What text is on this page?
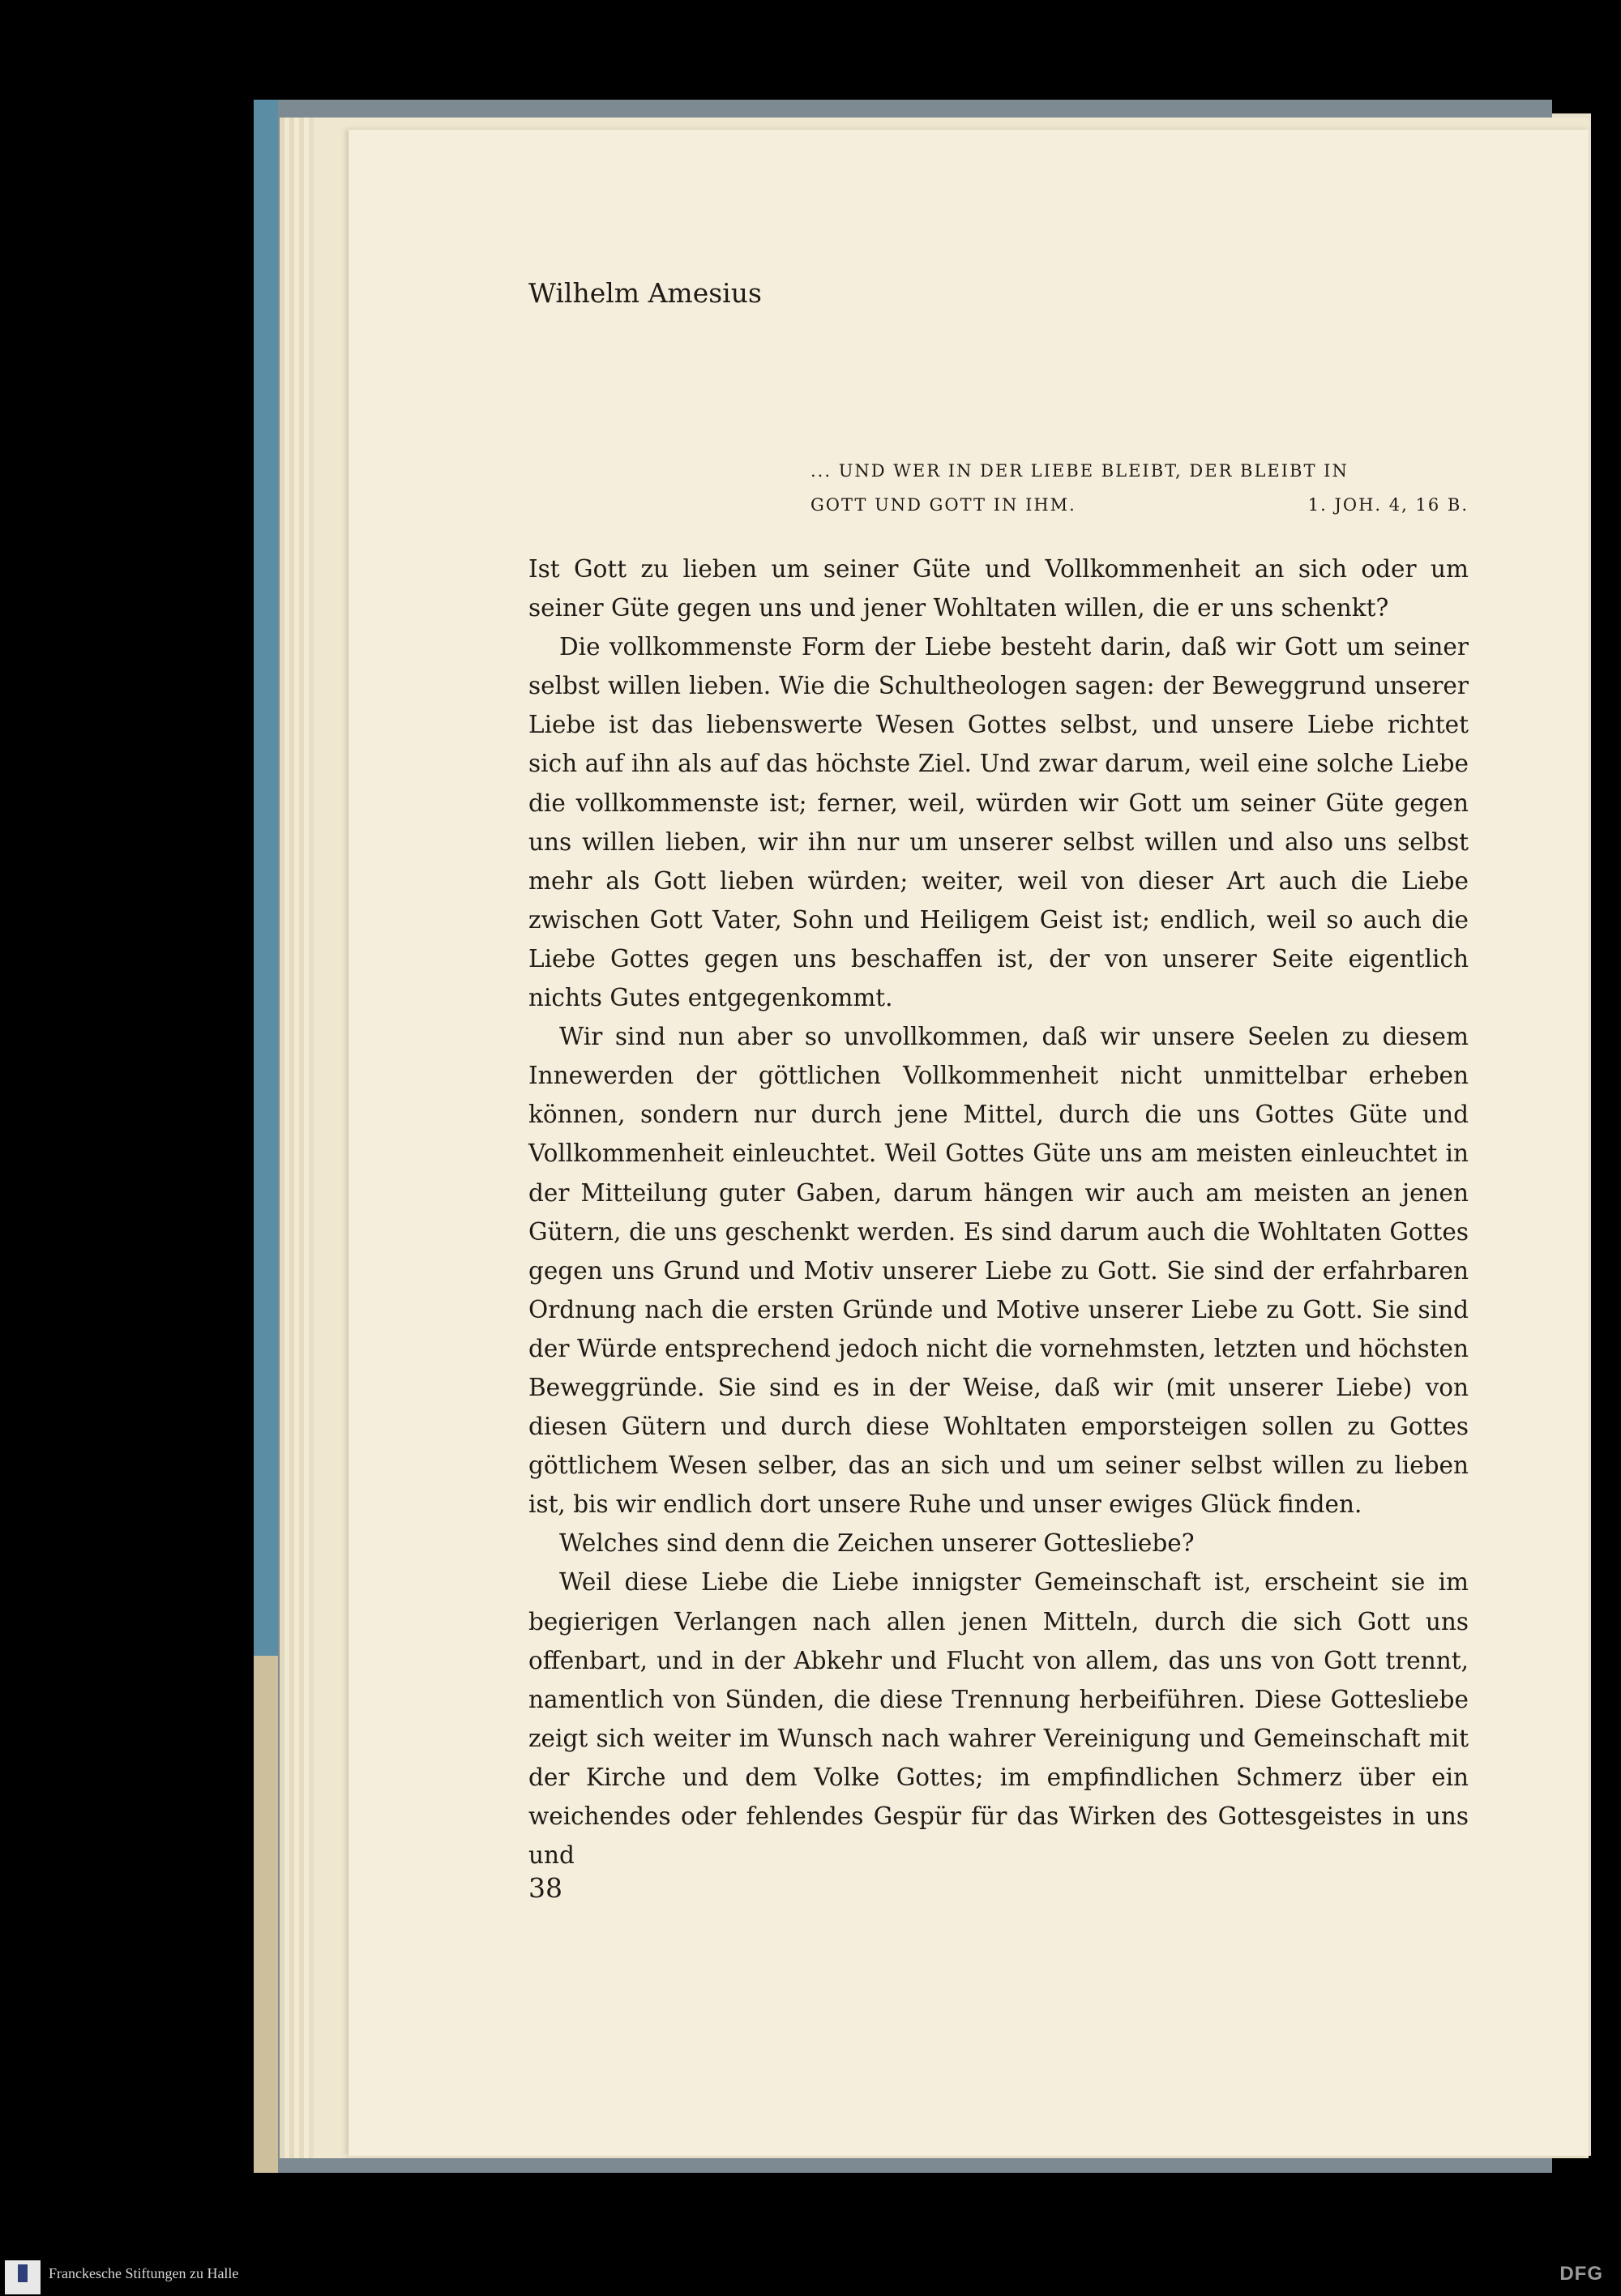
Wilhelm Amesius
... UND WER IN DER LIEBE BLEIBT, DER BLEIBT IN
GOTT UND GOTT IN IHM.	1. JOH. 4, 16 B.

Ist Gott zu lieben um seiner Güte und Vollkommenheit an sich oder um seiner Güte gegen uns und jener Wohltaten willen, die er uns schenkt?

Die vollkommenste Form der Liebe besteht darin, daß wir Gott um seiner selbst willen lieben. Wie die Schultheologen sagen: der Beweggrund unserer Liebe ist das liebenswerte Wesen Gottes selbst, und unsere Liebe richtet sich auf ihn als auf das höchste Ziel. Und zwar darum, weil eine solche Liebe die vollkommenste ist; ferner, weil, würden wir Gott um seiner Güte gegen uns willen lieben, wir ihn nur um unserer selbst willen und also uns selbst mehr als Gott lieben würden; weiter, weil von dieser Art auch die Liebe zwischen Gott Vater, Sohn und Heiligem Geist ist; endlich, weil so auch die Liebe Gottes gegen uns beschaffen ist, der von unserer Seite eigentlich nichts Gutes entgegenkommt.

Wir sind nun aber so unvollkommen, daß wir unsere Seelen zu diesem Innewerden der göttlichen Vollkommenheit nicht unmittelbar erheben können, sondern nur durch jene Mittel, durch die uns Gottes Güte und Vollkommenheit einleuchtet. Weil Gottes Güte uns am meisten einleuchtet in der Mitteilung guter Gaben, darum hängen wir auch am meisten an jenen Gütern, die uns geschenkt werden. Es sind darum auch die Wohltaten Gottes gegen uns Grund und Motiv unserer Liebe zu Gott. Sie sind der erfahrbaren Ordnung nach die ersten Gründe und Motive unserer Liebe zu Gott. Sie sind der Würde entsprechend jedoch nicht die vornehmsten, letzten und höchsten Beweggründe. Sie sind es in der Weise, daß wir (mit unserer Liebe) von diesen Gütern und durch diese Wohltaten emporsteigen sollen zu Gottes göttlichem Wesen selber, das an sich und um seiner selbst willen zu lieben ist, bis wir endlich dort unsere Ruhe und unser ewiges Glück finden.

Welches sind denn die Zeichen unserer Gottesliebe?

Weil diese Liebe die Liebe innigster Gemeinschaft ist, erscheint sie im begierigen Verlangen nach allen jenen Mitteln, durch die sich Gott uns offenbart, und in der Abkehr und Flucht von allem, das uns von Gott trennt, namentlich von Sünden, die diese Trennung herbeiführen. Diese Gottesliebe zeigt sich weiter im Wunsch nach wahrer Vereinigung und Gemeinschaft mit der Kirche und dem Volke Gottes; im empfindlichen Schmerz über ein weichendes oder fehlendes Gespür für das Wirken des Gottesgeistes in uns und

38
Franckesche Stiftungen zu Halle	DFG
